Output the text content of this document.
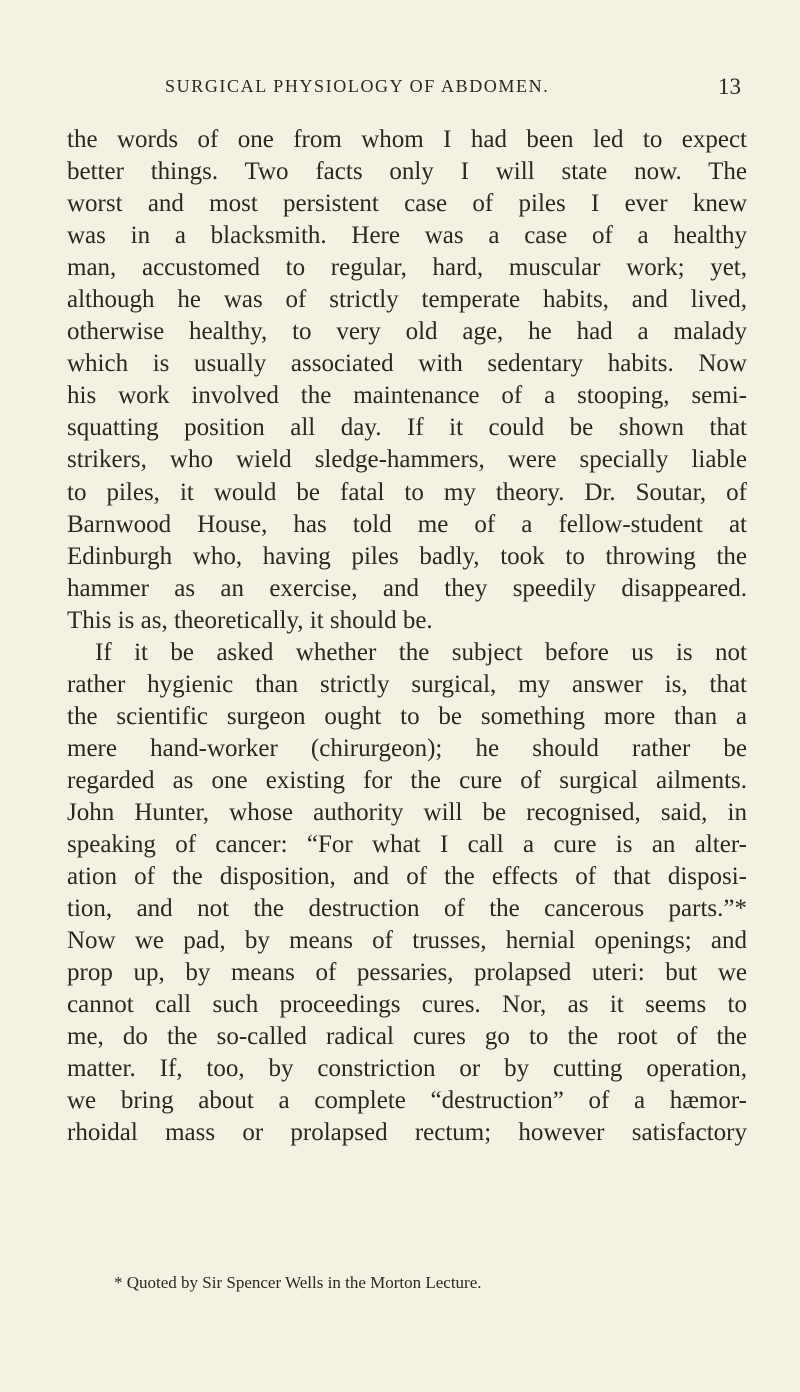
SURGICAL PHYSIOLOGY OF ABDOMEN.	13
the words of one from whom I had been led to expect
better things. Two facts only I will state now. The
worst and most persistent case of piles I ever knew
was in a blacksmith. Here was a case of a healthy
man, accustomed to regular, hard, muscular work; yet,
although he was of strictly temperate habits, and lived,
otherwise healthy, to very old age, he had a malady
which is usually associated with sedentary habits. Now
his work involved the maintenance of a stooping, semi-
squatting position all day. If it could be shown that
strikers, who wield sledge-hammers, were specially liable
to piles, it would be fatal to my theory. Dr. Soutar, of
Barnwood House, has told me of a fellow-student at
Edinburgh who, having piles badly, took to throwing the
hammer as an exercise, and they speedily disappeared.
This is as, theoretically, it should be.
If it be asked whether the subject before us is not
rather hygienic than strictly surgical, my answer is, that
the scientific surgeon ought to be something more than a
mere hand-worker (chirurgeon); he should rather be
regarded as one existing for the cure of surgical ailments.
John Hunter, whose authority will be recognised, said, in
speaking of cancer: “For what I call a cure is an alter-
ation of the disposition, and of the effects of that disposi-
tion, and not the destruction of the cancerous parts.”*
Now we pad, by means of trusses, hernial openings; and
prop up, by means of pessaries, prolapsed uteri: but we
cannot call such proceedings cures. Nor, as it seems to
me, do the so-called radical cures go to the root of the
matter. If, too, by constriction or by cutting operation,
we bring about a complete “destruction” of a hæmor-
rhoidal mass or prolapsed rectum; however satisfactory
* Quoted by Sir Spencer Wells in the Morton Lecture.
